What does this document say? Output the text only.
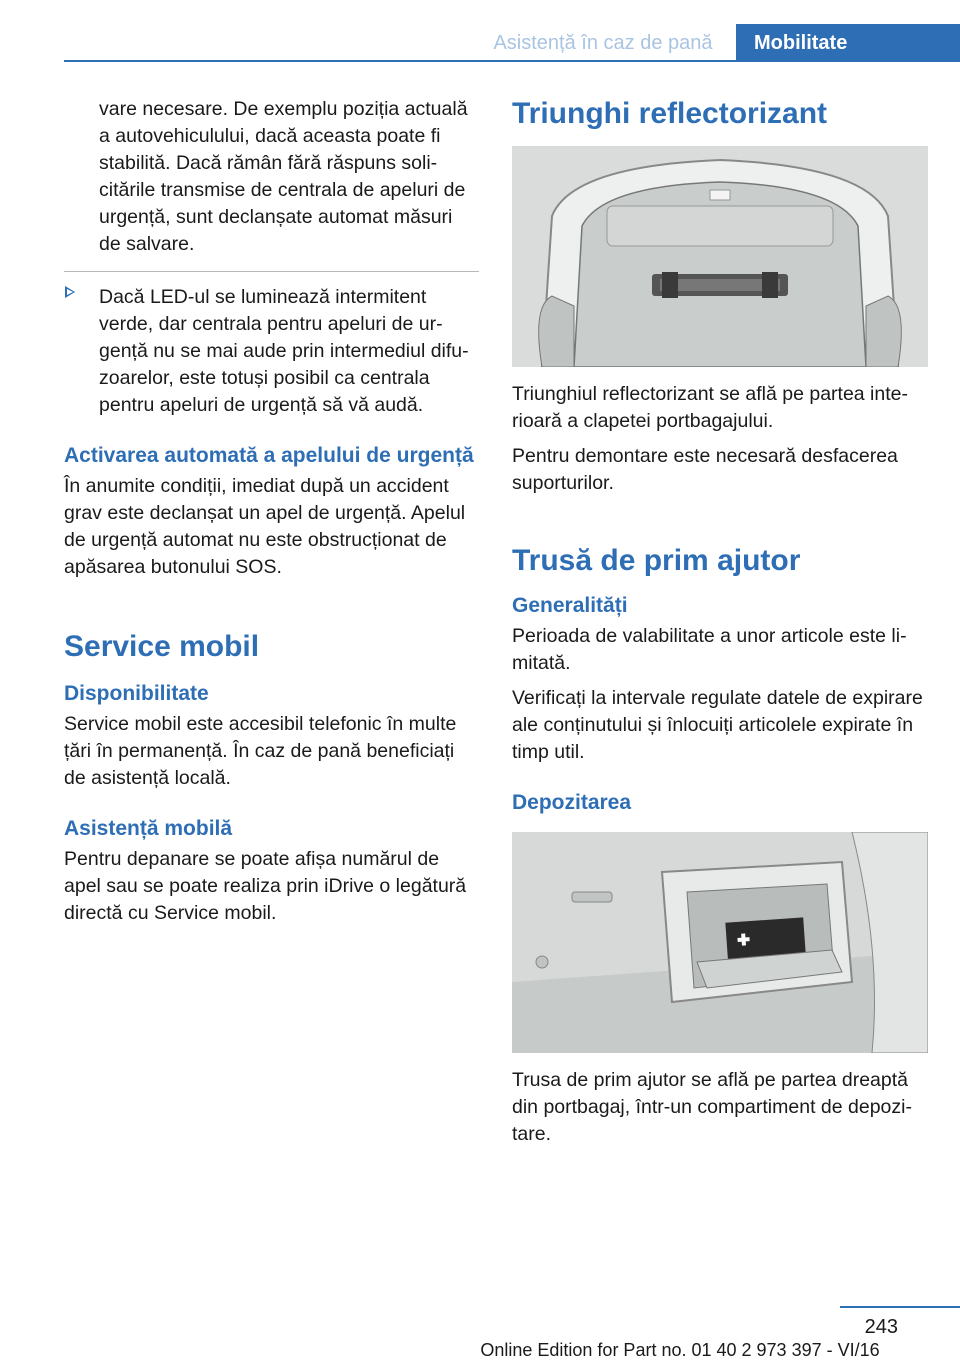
Asistență în caz de pană	Mobilitate

vare necesare. De exemplu poziția actuală a autovehiculului, dacă aceasta poate fi stabilită. Dacă rămân fără răspuns solicitările transmise de centrala de apeluri de urgență, sunt declanșate automat măsuri de salvare.

Dacă LED-ul se luminează intermitent verde, dar centrala pentru apeluri de urgență nu se mai aude prin intermediul difuzoarelor, este totuși posibil ca centrala pentru apeluri de urgență să vă audă.

Activarea automată a apelului de urgență

În anumite condiții, imediat după un accident grav este declanșat un apel de urgență. Apelul de urgență automat nu este obstrucționat de apăsarea butonului SOS.

Service mobil
Disponibilitate

Service mobil este accesibil telefonic în multe țări în permanență. În caz de pană beneficiați de asistență locală.

Asistență mobilă

Pentru depanare se poate afișa numărul de apel sau se poate realiza prin iDrive o legătură directă cu Service mobil.

Triunghi reflectorizant

Triunghiul reflectorizant se află pe partea interioară a clapetei portbagajului.

Pentru demontare este necesară desfacerea suporturilor.

Trusă de prim ajutor
Generalități

Perioada de valabilitate a unor articole este limitată.

Verificați la intervale regulate datele de expirare ale conținutului și înlocuiți articolele expirate în timp util.

Depozitarea

Trusa de prim ajutor se află pe partea dreaptă din portbagaj, într-un compartiment de depozitare.

243
Online Edition for Part no. 01 40 2 973 397 - VI/16
